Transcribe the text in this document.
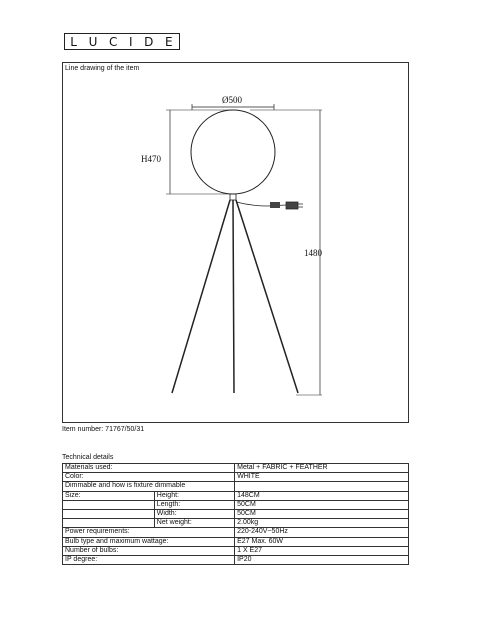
L U C I D E
Line drawing of the item
Ø500
H470
1480
Item number: 71767/50/31
Technical details
Materials used:		Metal + FABRIC + FEATHER
Color:		WHITE
Dimmable and how is fixture dimmable		
Size:	Height:	148CM
	Length:	50CM
	Width:	50CM
	Net weight:	2.00kg
Power requirements:		220-240V~50Hz
Bulb type and maximum wattage:		E27 Max. 60W
Number of bulbs:		1 X E27
IP degree:		IP20
